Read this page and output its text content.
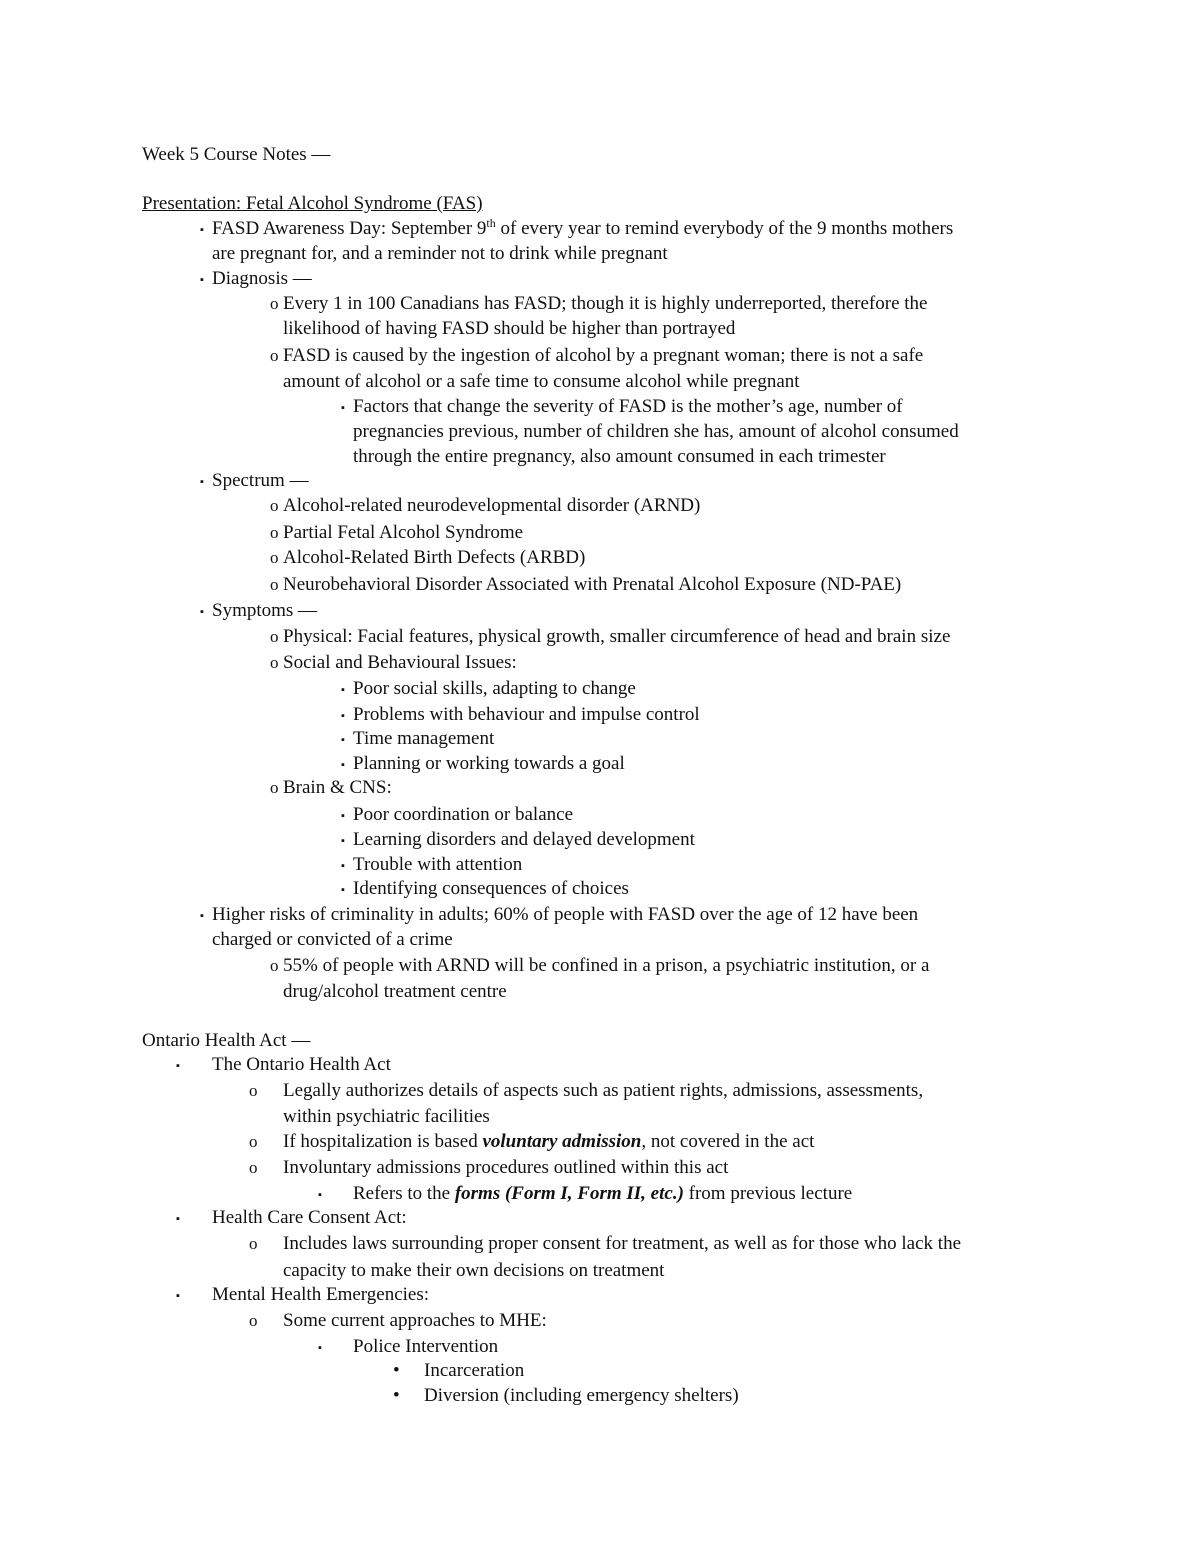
Week 5 Course Notes —
Presentation: Fetal Alcohol Syndrome (FAS)
▪ FASD Awareness Day: September 9th of every year to remind everybody of the 9 months mothers
are pregnant for, and a reminder not to drink while pregnant
▪ Diagnosis —
o Every 1 in 100 Canadians has FASD; though it is highly underreported, therefore the
likelihood of having FASD should be higher than portrayed
o FASD is caused by the ingestion of alcohol by a pregnant woman; there is not a safe
amount of alcohol or a safe time to consume alcohol while pregnant
▪ Factors that change the severity of FASD is the mother’s age, number of
pregnancies previous, number of children she has, amount of alcohol consumed
through the entire pregnancy, also amount consumed in each trimester
▪ Spectrum —
o Alcohol-related neurodevelopmental disorder (ARND)
o Partial Fetal Alcohol Syndrome
o Alcohol-Related Birth Defects (ARBD)
o Neurobehavioral Disorder Associated with Prenatal Alcohol Exposure (ND-PAE)
▪ Symptoms —
o Physical: Facial features, physical growth, smaller circumference of head and brain size
o Social and Behavioural Issues:
▪ Poor social skills, adapting to change
▪ Problems with behaviour and impulse control
▪ Time management
▪ Planning or working towards a goal
o Brain & CNS:
▪ Poor coordination or balance
▪ Learning disorders and delayed development
▪ Trouble with attention
▪ Identifying consequences of choices
▪ Higher risks of criminality in adults; 60% of people with FASD over the age of 12 have been
charged or convicted of a crime
o 55% of people with ARND will be confined in a prison, a psychiatric institution, or a
drug/alcohol treatment centre
Ontario Health Act —
▪ The Ontario Health Act
o Legally authorizes details of aspects such as patient rights, admissions, assessments,
within psychiatric facilities
o If hospitalization is based voluntary admission, not covered in the act
o Involuntary admissions procedures outlined within this act
▪ Refers to the forms (Form I, Form II, etc.) from previous lecture
▪ Health Care Consent Act:
o Includes laws surrounding proper consent for treatment, as well as for those who lack the
capacity to make their own decisions on treatment
▪ Mental Health Emergencies:
o Some current approaches to MHE:
▪ Police Intervention
• Incarceration
• Diversion (including emergency shelters)
